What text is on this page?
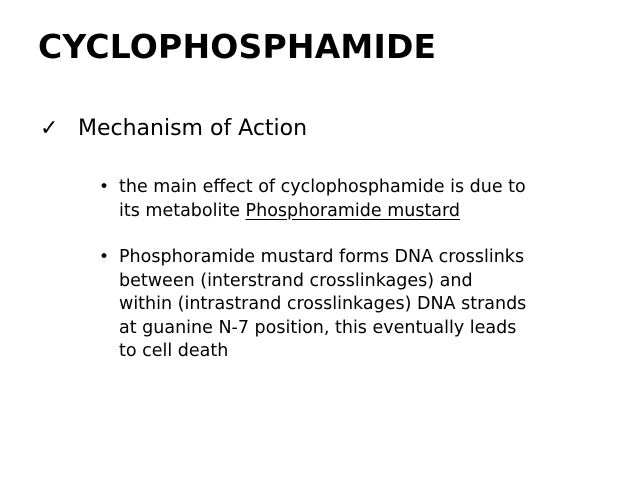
CYCLOPHOSPHAMIDE
✓ Mechanism of Action
• the main effect of cyclophosphamide is due to
its metabolite Phosphoramide mustard
• Phosphoramide mustard forms DNA crosslinks
between (interstrand crosslinkages) and
within (intrastrand crosslinkages) DNA strands
at guanine N-7 position, this eventually leads
to cell death
